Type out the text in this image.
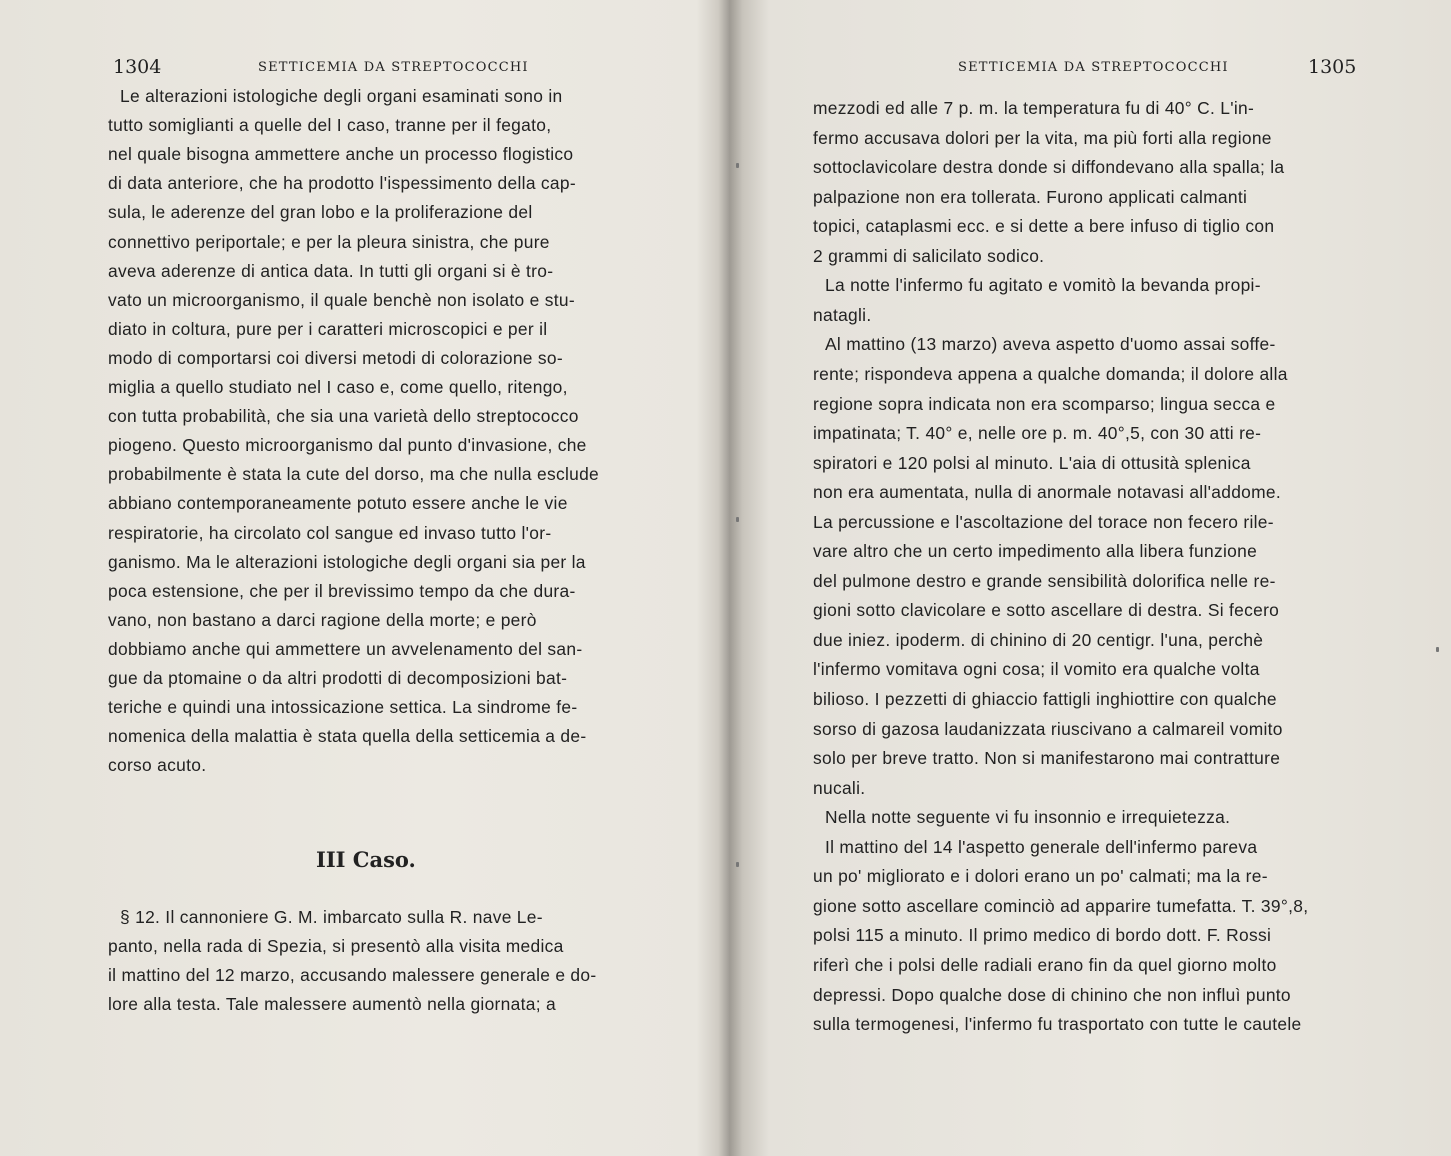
1304	SETTICEMIA DA STREPTOCOCCHI
Le alterazioni istologiche degli organi esaminati sono in
tutto somiglianti a quelle del I caso, tranne per il fegato,
nel quale bisogna ammettere anche un processo flogistico
di data anteriore, che ha prodotto l'ispessimento della cap-
sula, le aderenze del gran lobo e la proliferazione del
connettivo periportale; e per la pleura sinistra, che pure
aveva aderenze di antica data. In tutti gli organi si è tro-
vato un microorganismo, il quale benchè non isolato e stu-
diato in coltura, pure per i caratteri microscopici e per il
modo di comportarsi coi diversi metodi di colorazione so-
miglia a quello studiato nel I caso e, come quello, ritengo,
con tutta probabilità, che sia una varietà dello streptococco
piogeno. Questo microorganismo dal punto d'invasione, che
probabilmente è stata la cute del dorso, ma che nulla esclude
abbiano contemporaneamente potuto essere anche le vie
respiratorie, ha circolato col sangue ed invaso tutto l'or-
ganismo. Ma le alterazioni istologiche degli organi sia per la
poca estensione, che per il brevissimo tempo da che dura-
vano, non bastano a darci ragione della morte; e però
dobbiamo anche qui ammettere un avvelenamento del san-
gue da ptomaine o da altri prodotti di decomposizioni bat-
teriche e quindi una intossicazione settica. La sindrome fe-
nomenica della malattia è stata quella della setticemia a de-
corso acuto.
III Caso.
§ 12. Il cannoniere G. M. imbarcato sulla R. nave Le-
panto, nella rada di Spezia, si presentò alla visita medica
il mattino del 12 marzo, accusando malessere generale e do-
lore alla testa. Tale malessere aumentò nella giornata; a
SETTICEMIA DA STREPTOCOCCHI	1305
mezzodi ed alle 7 p. m. la temperatura fu di 40° C. L'in-
fermo accusava dolori per la vita, ma più forti alla regione
sottoclavicolare destra donde si diffondevano alla spalla; la
palpazione non era tollerata. Furono applicati calmanti
topici, cataplasmi ecc. e si dette a bere infuso di tiglio con
2 grammi di salicilato sodico.
La notte l'infermo fu agitato e vomitò la bevanda propi-
natagli.
Al mattino (13 marzo) aveva aspetto d'uomo assai soffe-
rente; rispondeva appena a qualche domanda; il dolore alla
regione sopra indicata non era scomparso; lingua secca e
impatinata; T. 40° e, nelle ore p. m. 40°,5, con 30 atti re-
spiratori e 120 polsi al minuto. L'aia di ottusità splenica
non era aumentata, nulla di anormale notavasi all'addome.
La percussione e l'ascoltazione del torace non fecero rile-
vare altro che un certo impedimento alla libera funzione
del pulmone destro e grande sensibilità dolorifica nelle re-
gioni sotto clavicolare e sotto ascellare di destra. Si fecero
due iniez. ipoderm. di chinino di 20 centigr. l'una, perchè
l'infermo vomitava ogni cosa; il vomito era qualche volta
bilioso. I pezzetti di ghiaccio fattigli inghiottire con qualche
sorso di gazosa laudanizzata riuscivano a calmareil vomito
solo per breve tratto. Non si manifestarono mai contratture
nucali.
Nella notte seguente vi fu insonnio e irrequietezza.
Il mattino del 14 l'aspetto generale dell'infermo pareva
un po' migliorato e i dolori erano un po' calmati; ma la re-
gione sotto ascellare cominciò ad apparire tumefatta. T. 39°,8,
polsi 115 a minuto. Il primo medico di bordo dott. F. Rossi
riferì che i polsi delle radiali erano fin da quel giorno molto
depressi. Dopo qualche dose di chinino che non influì punto
sulla termogenesi, l'infermo fu trasportato con tutte le cautele
